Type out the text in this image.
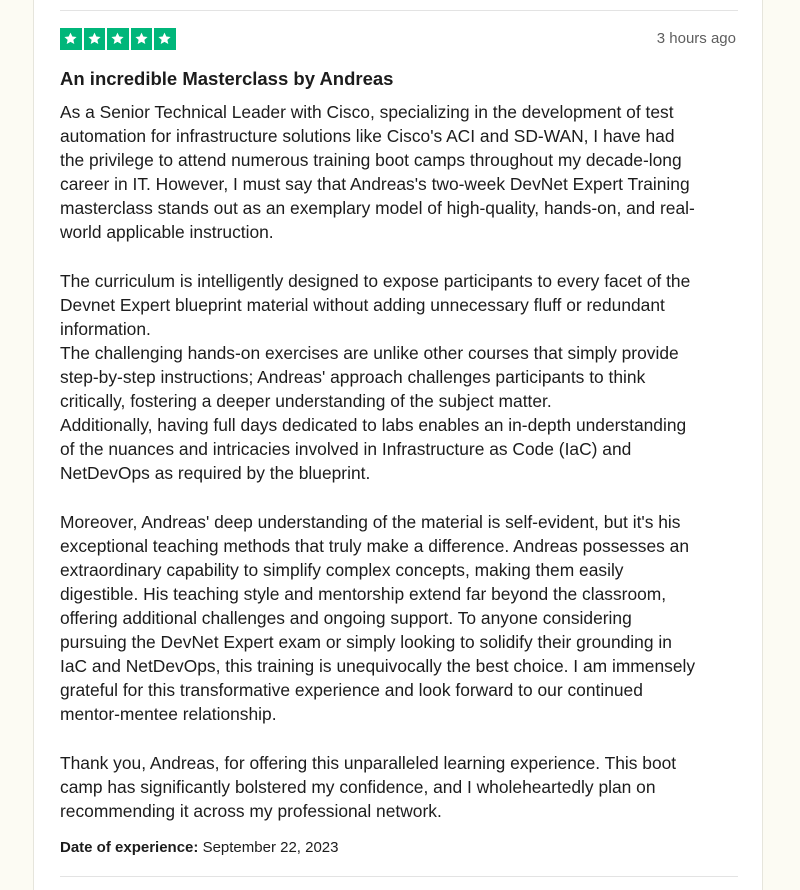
3 hours ago
An incredible Masterclass by Andreas

As a Senior Technical Leader with Cisco, specializing in the development of test
automation for infrastructure solutions like Cisco's ACI and SD-WAN, I have had
the privilege to attend numerous training boot camps throughout my decade-long
career in IT. However, I must say that Andreas's two-week DevNet Expert Training
masterclass stands out as an exemplary model of high-quality, hands-on, and real-
world applicable instruction.

The curriculum is intelligently designed to expose participants to every facet of the
Devnet Expert blueprint material without adding unnecessary fluff or redundant
information.
The challenging hands-on exercises are unlike other courses that simply provide
step-by-step instructions; Andreas' approach challenges participants to think
critically, fostering a deeper understanding of the subject matter.
Additionally, having full days dedicated to labs enables an in-depth understanding
of the nuances and intricacies involved in Infrastructure as Code (IaC) and
NetDevOps as required by the blueprint.

Moreover, Andreas' deep understanding of the material is self-evident, but it's his
exceptional teaching methods that truly make a difference. Andreas possesses an
extraordinary capability to simplify complex concepts, making them easily
digestible. His teaching style and mentorship extend far beyond the classroom,
offering additional challenges and ongoing support. To anyone considering
pursuing the DevNet Expert exam or simply looking to solidify their grounding in
IaC and NetDevOps, this training is unequivocally the best choice. I am immensely
grateful for this transformative experience and look forward to our continued
mentor-mentee relationship.

Thank you, Andreas, for offering this unparalleled learning experience. This boot
camp has significantly bolstered my confidence, and I wholeheartedly plan on
recommending it across my professional network.

Date of experience: September 22, 2023
